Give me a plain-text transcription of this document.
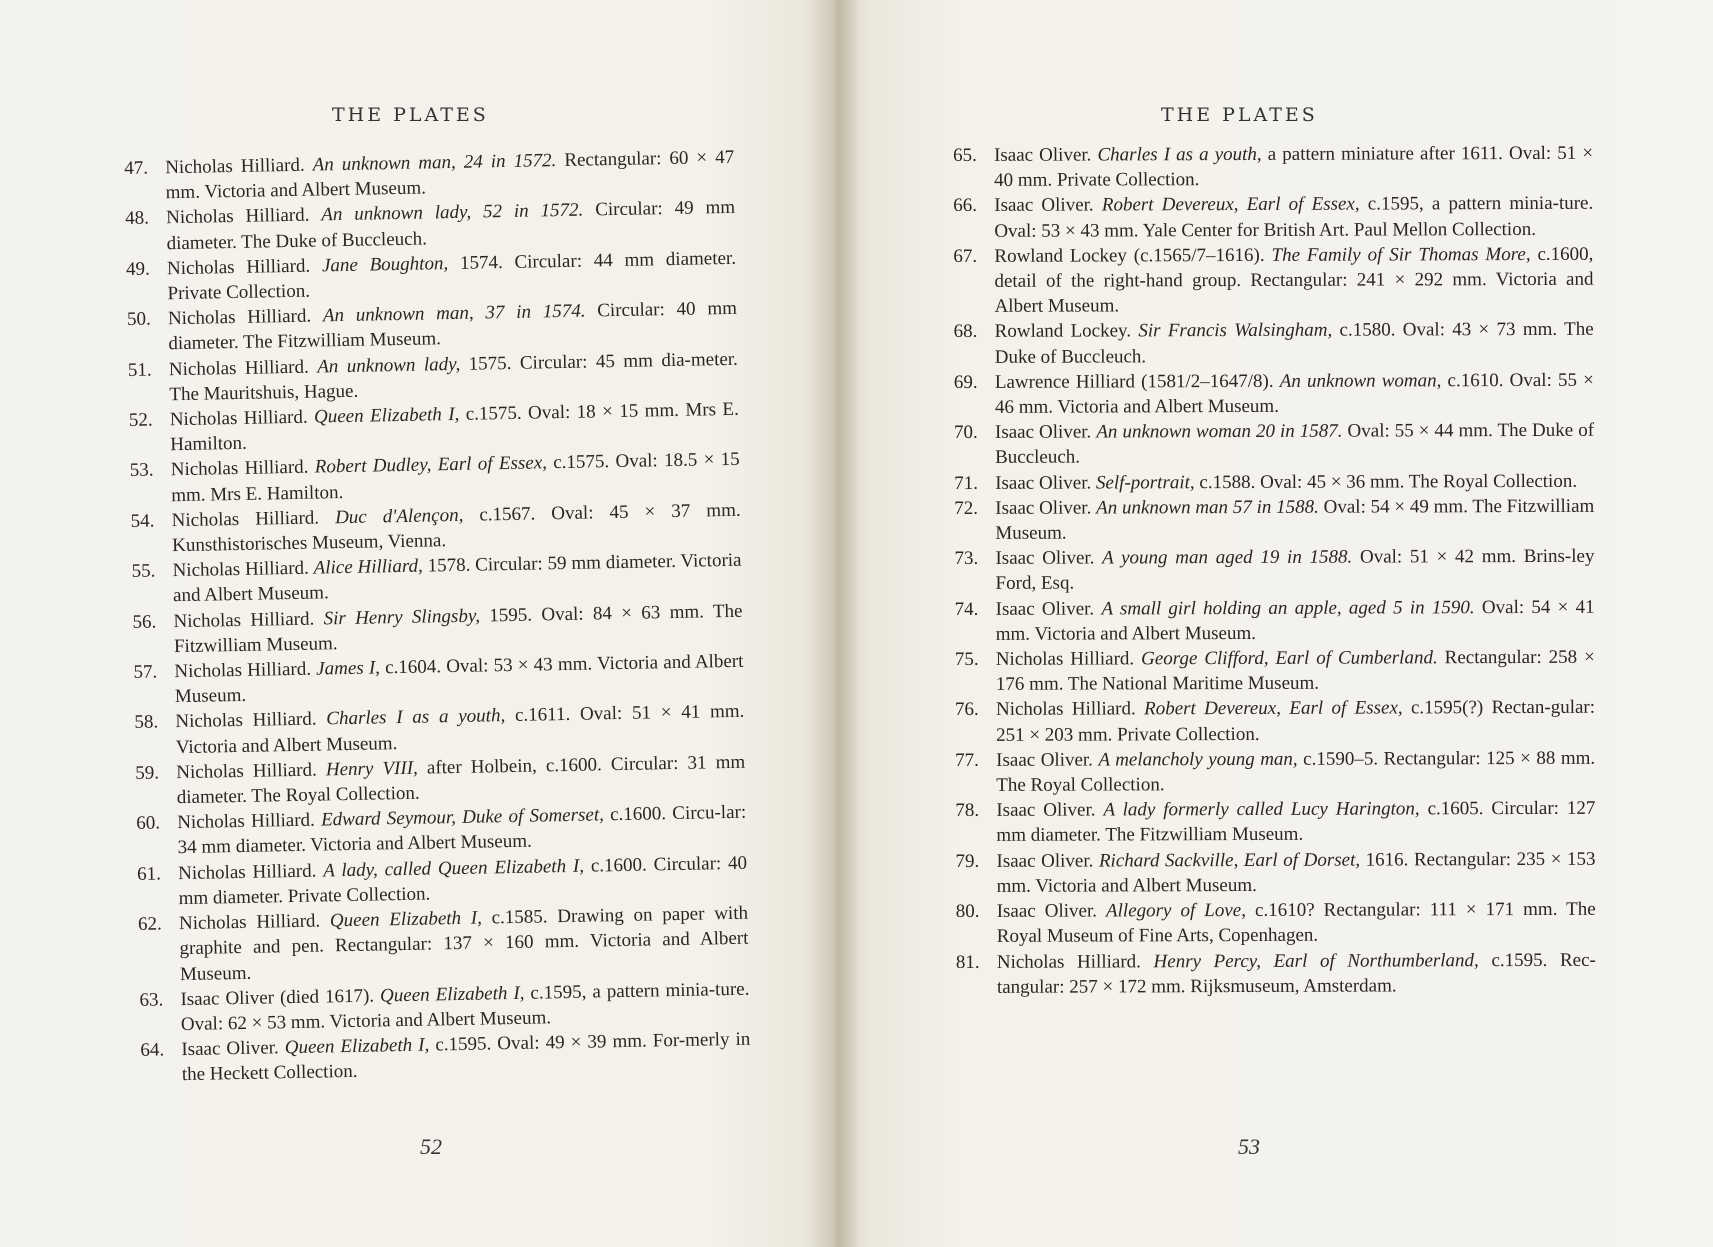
THE PLATES
47. Nicholas Hilliard. An unknown man, 24 in 1572. Rectangular: 60 × 47 mm. Victoria and Albert Museum.
48. Nicholas Hilliard. An unknown lady, 52 in 1572. Circular: 49 mm diameter. The Duke of Buccleuch.
49. Nicholas Hilliard. Jane Boughton, 1574. Circular: 44 mm diameter. Private Collection.
50. Nicholas Hilliard. An unknown man, 37 in 1574. Circular: 40 mm diameter. The Fitzwilliam Museum.
51. Nicholas Hilliard. An unknown lady, 1575. Circular: 45 mm dia-meter. The Mauritshuis, Hague.
52. Nicholas Hilliard. Queen Elizabeth I, c.1575. Oval: 18 × 15 mm. Mrs E. Hamilton.
53. Nicholas Hilliard. Robert Dudley, Earl of Essex, c.1575. Oval: 18.5 × 15 mm. Mrs E. Hamilton.
54. Nicholas Hilliard. Duc d'Alençon, c.1567. Oval: 45 × 37 mm. Kunsthistorisches Museum, Vienna.
55. Nicholas Hilliard. Alice Hilliard, 1578. Circular: 59 mm diameter. Victoria and Albert Museum.
56. Nicholas Hilliard. Sir Henry Slingsby, 1595. Oval: 84 × 63 mm. The Fitzwilliam Museum.
57. Nicholas Hilliard. James I, c.1604. Oval: 53 × 43 mm. Victoria and Albert Museum.
58. Nicholas Hilliard. Charles I as a youth, c.1611. Oval: 51 × 41 mm. Victoria and Albert Museum.
59. Nicholas Hilliard. Henry VIII, after Holbein, c.1600. Circular: 31 mm diameter. The Royal Collection.
60. Nicholas Hilliard. Edward Seymour, Duke of Somerset, c.1600. Circu-lar: 34 mm diameter. Victoria and Albert Museum.
61. Nicholas Hilliard. A lady, called Queen Elizabeth I, c.1600. Circular: 40 mm diameter. Private Collection.
62. Nicholas Hilliard. Queen Elizabeth I, c.1585. Drawing on paper with graphite and pen. Rectangular: 137 × 160 mm. Victoria and Albert Museum.
63. Isaac Oliver (died 1617). Queen Elizabeth I, c.1595, a pattern minia-ture. Oval: 62 × 53 mm. Victoria and Albert Museum.
64. Isaac Oliver. Queen Elizabeth I, c.1595. Oval: 49 × 39 mm. For-merly in the Heckett Collection.
52
THE PLATES
65. Isaac Oliver. Charles I as a youth, a pattern miniature after 1611. Oval: 51 × 40 mm. Private Collection.
66. Isaac Oliver. Robert Devereux, Earl of Essex, c.1595, a pattern minia-ture. Oval: 53 × 43 mm. Yale Center for British Art. Paul Mellon Collection.
67. Rowland Lockey (c.1565/7–1616). The Family of Sir Thomas More, c.1600, detail of the right-hand group. Rectangular: 241 × 292 mm. Victoria and Albert Museum.
68. Rowland Lockey. Sir Francis Walsingham, c.1580. Oval: 43 × 73 mm. The Duke of Buccleuch.
69. Lawrence Hilliard (1581/2–1647/8). An unknown woman, c.1610. Oval: 55 × 46 mm. Victoria and Albert Museum.
70. Isaac Oliver. An unknown woman 20 in 1587. Oval: 55 × 44 mm. The Duke of Buccleuch.
71. Isaac Oliver. Self-portrait, c.1588. Oval: 45 × 36 mm. The Royal Collection.
72. Isaac Oliver. An unknown man 57 in 1588. Oval: 54 × 49 mm. The Fitzwilliam Museum.
73. Isaac Oliver. A young man aged 19 in 1588. Oval: 51 × 42 mm. Brins-ley Ford, Esq.
74. Isaac Oliver. A small girl holding an apple, aged 5 in 1590. Oval: 54 × 41 mm. Victoria and Albert Museum.
75. Nicholas Hilliard. George Clifford, Earl of Cumberland. Rectangular: 258 × 176 mm. The National Maritime Museum.
76. Nicholas Hilliard. Robert Devereux, Earl of Essex, c.1595(?) Rectan-gular: 251 × 203 mm. Private Collection.
77. Isaac Oliver. A melancholy young man, c.1590–5. Rectangular: 125 × 88 mm. The Royal Collection.
78. Isaac Oliver. A lady formerly called Lucy Harington, c.1605. Circular: 127 mm diameter. The Fitzwilliam Museum.
79. Isaac Oliver. Richard Sackville, Earl of Dorset, 1616. Rectangular: 235 × 153 mm. Victoria and Albert Museum.
80. Isaac Oliver. Allegory of Love, c.1610? Rectangular: 111 × 171 mm. The Royal Museum of Fine Arts, Copenhagen.
81. Nicholas Hilliard. Henry Percy, Earl of Northumberland, c.1595. Rec-tangular: 257 × 172 mm. Rijksmuseum, Amsterdam.
53
